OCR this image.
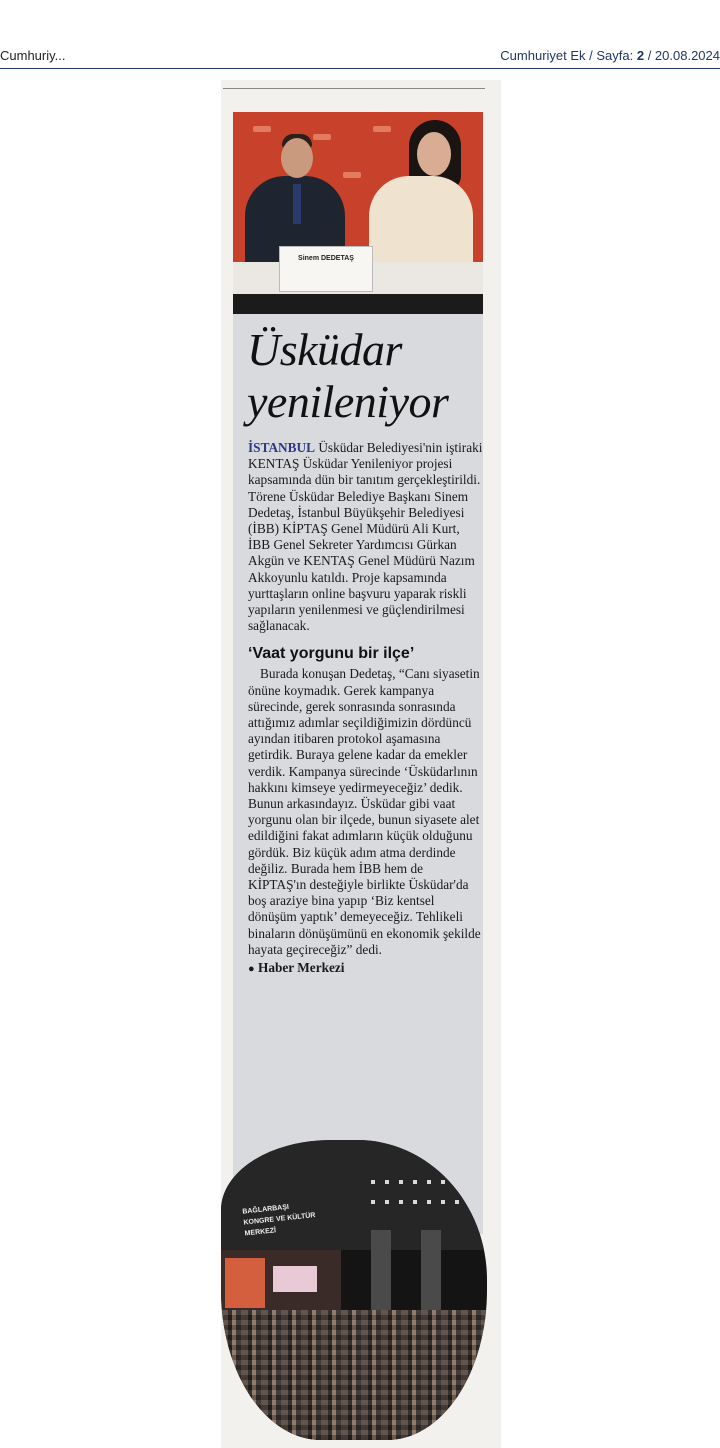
Cumhuriy...	Cumhuriyet Ek / Sayfa: 2 / 20.08.2024
Sinem DEDETAŞ
Üsküdar
yenileniyor

İSTANBUL Üsküdar Belediyesi'nin iştiraki KENTAŞ Üsküdar Yenileniyor projesi kapsamında dün bir tanıtım gerçekleştirildi. Törene Üsküdar Belediye Başkanı Sinem Dedetaş, İstanbul Büyükşehir Belediyesi (İBB) KİPTAŞ Genel Müdürü Ali Kurt, İBB Genel Sekreter Yardımcısı Gürkan Akgün ve KENTAŞ Genel Müdürü Nazım Akkoyunlu katıldı. Proje kapsamında yurttaşların online başvuru yaparak riskli yapıların yenilenmesi ve güçlendirilmesi sağlanacak.

‘Vaat yorgunu bir ilçe’

Burada konuşan Dedetaş, “Canı siyasetin önüne koymadık. Gerek kampanya sürecinde, gerek sonrasında sonrasında attığımız adımlar seçildiğimizin dördüncü ayından itibaren protokol aşamasına getirdik. Buraya gelene kadar da emekler verdik. Kampanya sürecinde ‘Üsküdarlının hakkını kimseye yedirmeyeceğiz’ dedik. Bunun arkasındayız. Üsküdar gibi vaat yorgunu olan bir ilçede, bunun siyasete alet edildiğini fakat adımların küçük olduğunu gördük. Biz küçük adım atma derdinde değiliz. Burada hem İBB hem de KİPTAŞ'ın desteğiyle birlikte Üsküdar'da boş araziye bina yapıp ‘Biz kentsel dönüşüm yaptık’ demeyeceğiz. Tehlikeli binaların dönüşümünü en ekonomik şekilde hayata geçireceğiz” dedi.

● Haber Merkezi

BAĞLARBAŞI
KONGRE VE KÜLTÜR MERKEZİ
